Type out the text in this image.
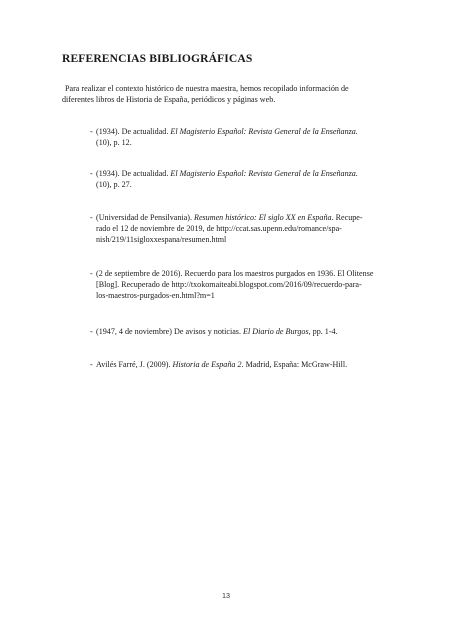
REFERENCIAS BIBLIOGRÁFICAS
Para realizar el contexto histórico de nuestra maestra, hemos recopilado información de
diferentes libros de Historia de España, periódicos y páginas web.
- (1934). De actualidad. El Magisterio Español: Revista General de la Enseñanza.
(10), p. 12.
- (1934). De actualidad. El Magisterio Español: Revista General de la Enseñanza.
(10), p. 27.
- (Universidad de Pensilvania). Resumen histórico: El siglo XX en España. Recupe-
rado el 12 de noviembre de 2019, de http://ccat.sas.upenn.edu/romance/spa-
nish/219/11sigloxxespana/resumen.html
- (2 de septiembre de 2016). Recuerdo para los maestros purgados en 1936. El Olitense
[Blog]. Recuperado de http://txokomaiteabi.blogspot.com/2016/09/recuerdo-para-
los-maestros-purgados-en.html?m=1
- (1947, 4 de noviembre) De avisos y noticias. El Diario de Burgos, pp. 1-4.
- Avilés Farré, J. (2009). Historia de España 2. Madrid, España: McGraw-Hill.
13
